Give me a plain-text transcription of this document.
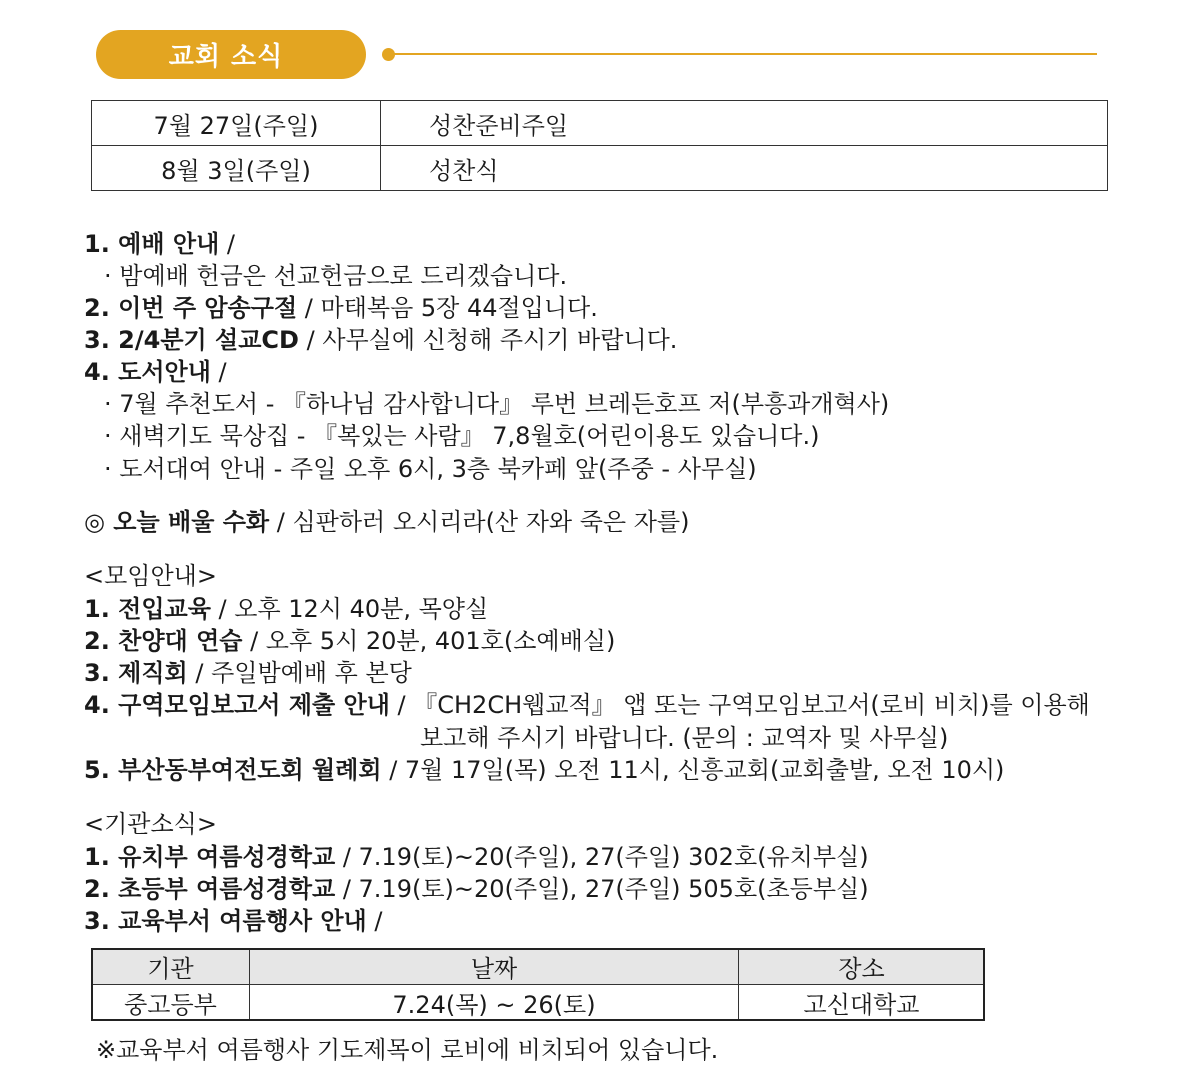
교회 소식
7월 27일(주일)	성찬준비주일
8월 3일(주일)	성찬식
1. 예배 안내 /
· 밤예배 헌금은 선교헌금으로 드리겠습니다.
2. 이번 주 암송구절 / 마태복음 5장 44절입니다.
3. 2/4분기 설교CD / 사무실에 신청해 주시기 바랍니다.
4. 도서안내 /
· 7월 추천도서 - 『하나님 감사합니다』 루번 브레든호프 저(부흥과개혁사)
· 새벽기도 묵상집 - 『복있는 사람』 7,8월호(어린이용도 있습니다.)
· 도서대여 안내 - 주일 오후 6시, 3층 북카페 앞(주중 - 사무실)
◎ 오늘 배울 수화 / 심판하러 오시리라(산 자와 죽은 자를)
<모임안내>
1. 전입교육 / 오후 12시 40분, 목양실
2. 찬양대 연습 / 오후 5시 20분, 401호(소예배실)
3. 제직회 / 주일밤예배 후 본당
4. 구역모임보고서 제출 안내 / 『CH2CH웹교적』 앱 또는 구역모임보고서(로비 비치)를 이용해
보고해 주시기 바랍니다. (문의 : 교역자 및 사무실)
5. 부산동부여전도회 월례회 / 7월 17일(목) 오전 11시, 신흥교회(교회출발, 오전 10시)
<기관소식>
1. 유치부 여름성경학교 / 7.19(토)~20(주일), 27(주일) 302호(유치부실)
2. 초등부 여름성경학교 / 7.19(토)~20(주일), 27(주일) 505호(초등부실)
3. 교육부서 여름행사 안내 /
기관	날짜	장소
중고등부	7.24(목) ~ 26(토)	고신대학교
※교육부서 여름행사 기도제목이 로비에 비치되어 있습니다.
